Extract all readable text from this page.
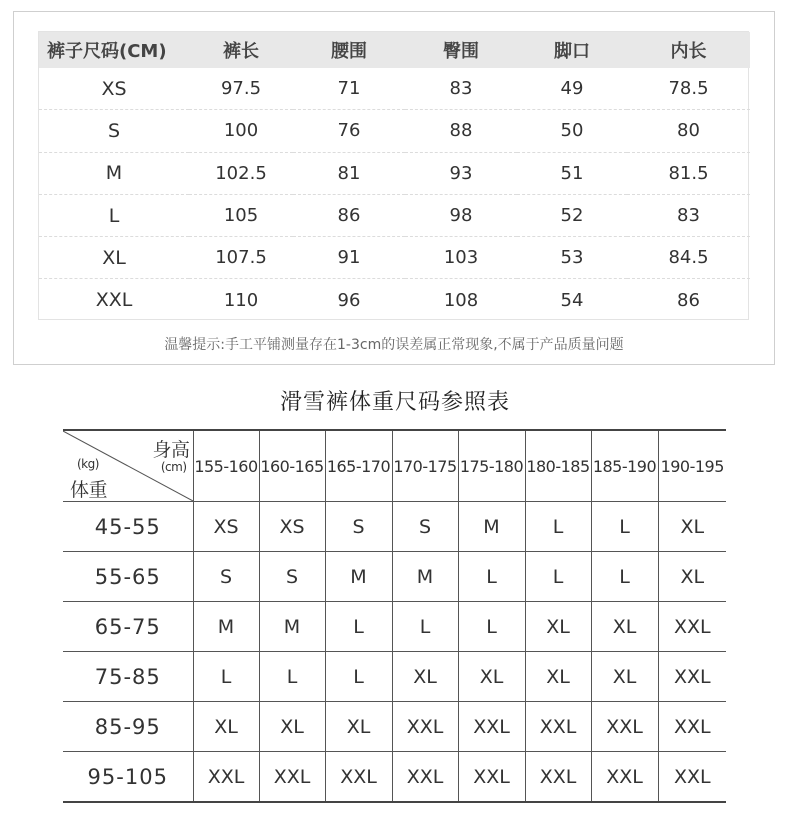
裤子尺码(CM)	裤长	腰围	臀围	脚口	内长
XS	97.5	71	83	49	78.5
S	100	76	88	50	80
M	102.5	81	93	51	81.5
L	105	86	98	52	83
XL	107.5	91	103	53	84.5
XXL	110	96	108	54	86
温馨提示:手工平铺测量存在1-3cm的误差属正常现象,不属于产品质量问题
滑雪裤体重尺码参照表
身高
(cm)
(kg)
体重	155-160	160-165	165-170	170-175	175-180	180-185	185-190	190-195
45-55	XS	XS	S	S	M	L	L	XL
55-65	S	S	M	M	L	L	L	XL
65-75	M	M	L	L	L	XL	XL	XXL
75-85	L	L	L	XL	XL	XL	XL	XXL
85-95	XL	XL	XL	XXL	XXL	XXL	XXL	XXL
95-105	XXL	XXL	XXL	XXL	XXL	XXL	XXL	XXL
